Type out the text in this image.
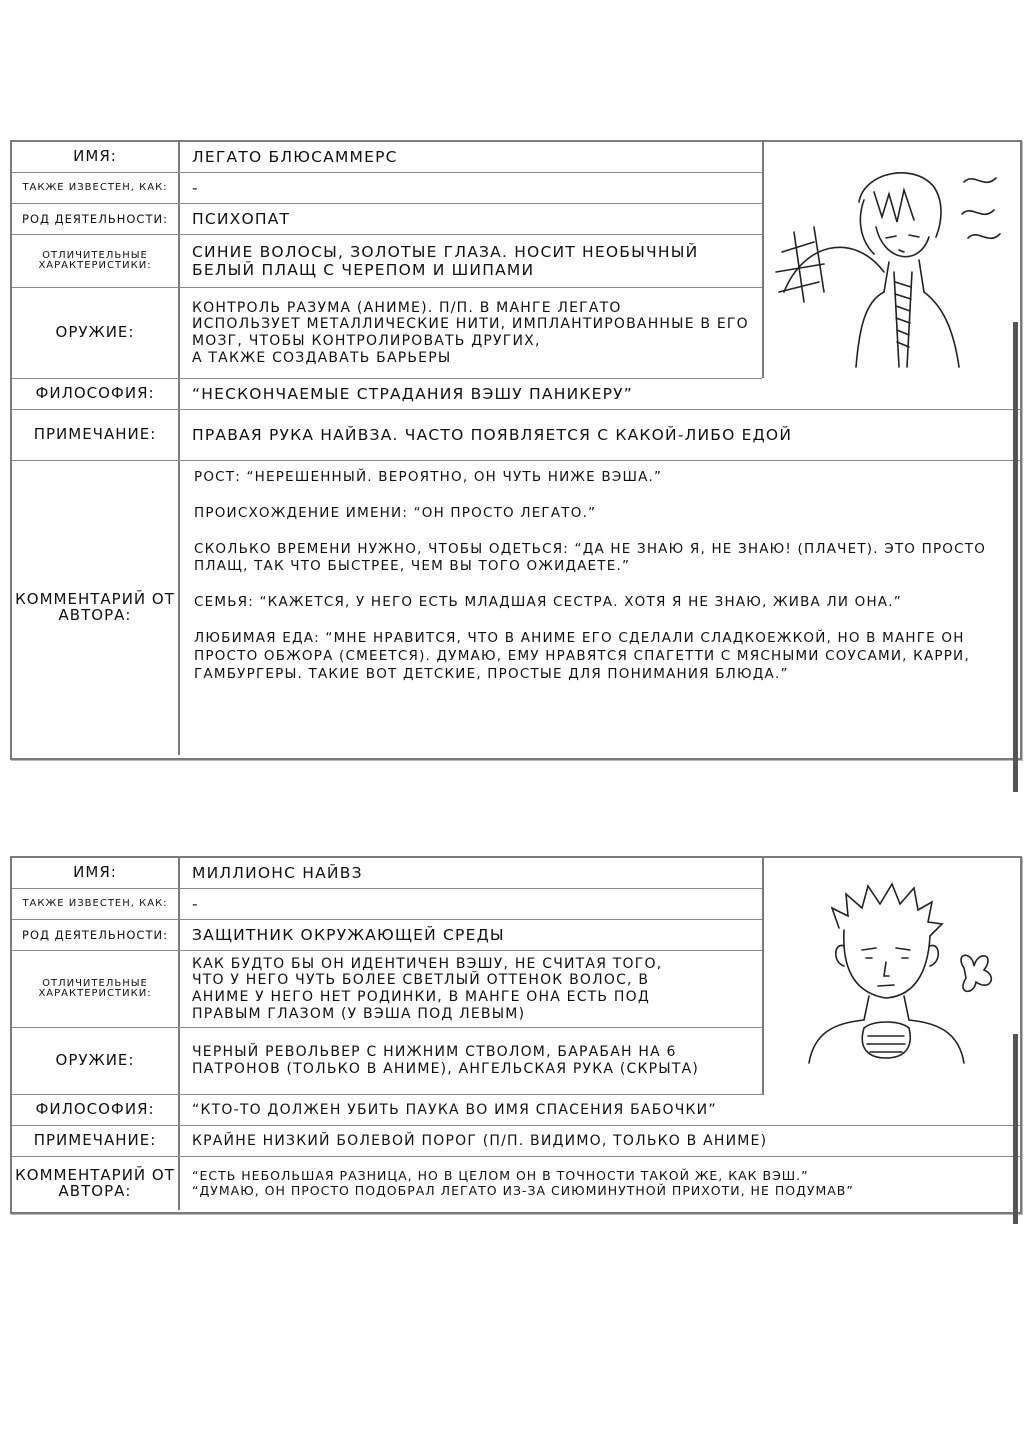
ИМЯ:	ЛЕГАТО БЛЮСАММЕРС
ТАКЖЕ ИЗВЕСТЕН, КАК:	-
РОД ДЕЯТЕЛЬНОСТИ:	ПСИХОПАТ
ОТЛИЧИТЕЛЬНЫЕ ХАРАКТЕРИСТИКИ:
СИНИЕ ВОЛОСЫ, ЗОЛОТЫЕ ГЛАЗА. НОСИТ НЕОБЫЧНЫЙ
БЕЛЫЙ ПЛАЩ С ЧЕРЕПОМ И ШИПАМИ
ОРУЖИЕ:
КОНТРОЛЬ РАЗУМА (АНИМЕ). П/П. В МАНГЕ ЛЕГАТО
ИСПОЛЬЗУЕТ МЕТАЛЛИЧЕСКИЕ НИТИ, ИМПЛАНТИРОВАННЫЕ В ЕГО МОЗГ, ЧТОБЫ КОНТРОЛИРОВАТЬ ДРУГИХ,
А ТАКЖЕ СОЗДАВАТЬ БАРЬЕРЫ
ФИЛОСОФИЯ:	“НЕСКОНЧАЕМЫЕ СТРАДАНИЯ ВЭШУ ПАНИКЕРУ”
ПРИМЕЧАНИЕ:	ПРАВАЯ РУКА НАЙВЗА. ЧАСТО ПОЯВЛЯЕТСЯ С КАКОЙ-ЛИБО ЕДОЙ
КОММЕНТАРИЙ ОТ АВТОРА:

РОСТ: “НЕРЕШЕННЫЙ. ВЕРОЯТНО, ОН ЧУТЬ НИЖЕ ВЭША.”

ПРОИСХОЖДЕНИЕ ИМЕНИ: “ОН ПРОСТО ЛЕГАТО.”

СКОЛЬКО ВРЕМЕНИ НУЖНО, ЧТОБЫ ОДЕТЬСЯ: “ДА НЕ ЗНАЮ Я, НЕ ЗНАЮ! (ПЛАЧЕТ). ЭТО ПРОСТО ПЛАЩ, ТАК ЧТО БЫСТРЕЕ, ЧЕМ ВЫ ТОГО ОЖИДАЕТЕ.”

СЕМЬЯ: “КАЖЕТСЯ, У НЕГО ЕСТЬ МЛАДШАЯ СЕСТРА. ХОТЯ Я НЕ ЗНАЮ, ЖИВА ЛИ ОНА.”

ЛЮБИМАЯ ЕДА: “МНЕ НРАВИТСЯ, ЧТО В АНИМЕ ЕГО СДЕЛАЛИ СЛАДКОЕЖКОЙ, НО В МАНГЕ ОН ПРОСТО ОБЖОРА (СМЕЕТСЯ). ДУМАЮ, ЕМУ НРАВЯТСЯ СПАГЕТТИ С МЯСНЫМИ СОУСАМИ, КАРРИ, ГАМБУРГЕРЫ. ТАКИЕ ВОТ ДЕТСКИЕ, ПРОСТЫЕ ДЛЯ ПОНИМАНИЯ БЛЮДА.”

ИМЯ:	МИЛЛИОНС НАЙВЗ
ТАКЖЕ ИЗВЕСТЕН, КАК:	-
РОД ДЕЯТЕЛЬНОСТИ:	ЗАЩИТНИК ОКРУЖАЮЩЕЙ СРЕДЫ
ОТЛИЧИТЕЛЬНЫЕ ХАРАКТЕРИСТИКИ:
КАК БУДТО БЫ ОН ИДЕНТИЧЕН ВЭШУ, НЕ СЧИТАЯ ТОГО,
ЧТО У НЕГО ЧУТЬ БОЛЕЕ СВЕТЛЫЙ ОТТЕНОК ВОЛОС, В
АНИМЕ У НЕГО НЕТ РОДИНКИ, В МАНГЕ ОНА ЕСТЬ ПОД
ПРАВЫМ ГЛАЗОМ (У ВЭША ПОД ЛЕВЫМ)
ОРУЖИЕ:	ЧЕРНЫЙ РЕВОЛЬВЕР С НИЖНИМ СТВОЛОМ, БАРАБАН НА 6
ПАТРОНОВ (ТОЛЬКО В АНИМЕ), АНГЕЛЬСКАЯ РУКА (СКРЫТА)
ФИЛОСОФИЯ:	“КТО-ТО ДОЛЖЕН УБИТЬ ПАУКА ВО ИМЯ СПАСЕНИЯ БАБОЧКИ”
ПРИМЕЧАНИЕ:	КРАЙНЕ НИЗКИЙ БОЛЕВОЙ ПОРОГ (П/П. ВИДИМО, ТОЛЬКО В АНИМЕ)
КОММЕНТАРИЙ ОТ АВТОРА:
“ЕСТЬ НЕБОЛЬШАЯ РАЗНИЦА, НО В ЦЕЛОМ ОН В ТОЧНОСТИ ТАКОЙ ЖЕ, КАК ВЭШ.”
“ДУМАЮ, ОН ПРОСТО ПОДОБРАЛ ЛЕГАТО ИЗ-ЗА СИЮМИНУТНОЙ ПРИХОТИ, НЕ ПОДУМАВ”
